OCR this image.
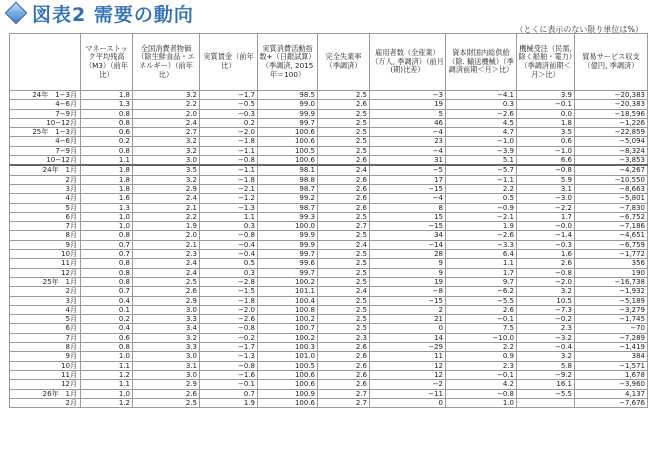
図表2 需要の動向
（とくに表示のない限り単位は%）
	マネーストック平均残高（M3）（前年比）	全国消費者物価（除生鮮食品・エネルギー）（前年比）	実質賃金（前年比）	実質消費活動指数+（日銀試算）（季調済, 2015年＝100）	完全失業率（季調済）	雇用者数（全産業）（万人, 季調済）（前月(期)比差）	資本財国内総供給（除. 輸送機械）（季調済前期＜月＞比）	機械受注（民需, 除く船舶・電力）（季調済前期＜月＞比）	貿易サービス収支（億円, 季調済）
24年　1−3月	1.8	3.2	−1.7	98.5	2.5	−3	−4.1	3.9	−20,383
4−6月	1.3	2.2	−0.5	99.0	2.6	19	0.3	−0.1	−20,383
7−9月	0.8	2.0	−0.3	99.9	2.5	5	−2.6	0.0	−18,596
10−12月	0.8	2.4	0.2	99.7	2.5	46	4.5	1.8	−1,226
25年　1−3月	0.6	2.7	−2.0	100.6	2.5	−4	4.7	3.5	−22,859
4−6月	0.2	3.2	−1.8	100.6	2.5	23	−1.0	0.6	−5,094
7−9月	0.8	3.2	−1.1	100.5	2.5	−4	−3.9	−1.0	−8,324
10−12月	1.1	3.0	−0.8	100.6	2.6	31	5.1	6.6	−3,853
24年　1月	1.8	3.5	−1.1	98.1	2.4	−5	−5.7	−0.8	−4,267
2月	1.8	3.2	−1.8	98.8	2.6	17	−1.1	5.9	−10,550
3月	1.8	2.9	−2.1	98.7	2.6	−15	2.2	3.1	−8,663
4月	1.6	2.4	−1.2	99.2	2.6	−4	0.5	−3.0	−5,801
5月	1.3	2.1	−1.3	98.7	2.6	8	−0.9	−2.2	−7,830
6月	1.0	2.2	1.1	99.3	2.5	15	−2.1	1.7	−6,752
7月	1.0	1.9	0.3	100.0	2.7	−15	1.9	−0.0	−7,186
8月	0.8	2.0	−0.8	99.9	2.5	34	−2.6	−1.4	−4,651
9月	0.7	2.1	−0.4	99.9	2.4	−14	−3.3	−0.3	−6,759
10月	0.7	2.3	−0.4	99.7	2.5	28	6.4	1.6	−1,772
11月	0.8	2.4	0.5	99.6	2.5	9	1.1	2.6	356
12月	0.8	2.4	0.3	99.7	2.5	9	1.7	−0.8	190
25年　1月	0.8	2.5	−2.8	100.2	2.5	19	9.7	−2.0	−16,738
2月	0.7	2.6	−1.5	101.1	2.4	−8	−6.2	3.2	−1,932
3月	0.4	2.9	−1.8	100.4	2.5	−15	−5.5	10.5	−5,189
4月	0.1	3.0	−2.0	100.8	2.5	2	2.6	−7.3	−3,279
5月	0.2	3.3	−2.6	100.2	2.5	21	−0.1	−0.2	−1,745
6月	0.4	3.4	−0.8	100.7	2.5	0	7.5	2.3	−70
7月	0.6	3.2	−0.2	100.2	2.3	14	−10.0	−3.2	−7,289
8月	0.8	3.3	−1.7	100.3	2.6	−29	2.2	−0.4	−1,419
9月	1.0	3.0	−1.3	101.0	2.6	11	0.9	3.2	384
10月	1.1	3.1	−0.8	100.5	2.6	12	2.3	5.8	−1,571
11月	1.2	3.0	−1.6	100.6	2.6	12	−0.1	−9.2	1,678
12月	1.1	2.9	−0.1	100.6	2.6	−2	4.2	16.1	−3,960
26年　1月	1.0	2.6	0.7	100.9	2.7	−11	−0.8	−5.5	4,137
2月	1.2	2.5	1.9	100.6	2.7	0	1.0		−7,676
